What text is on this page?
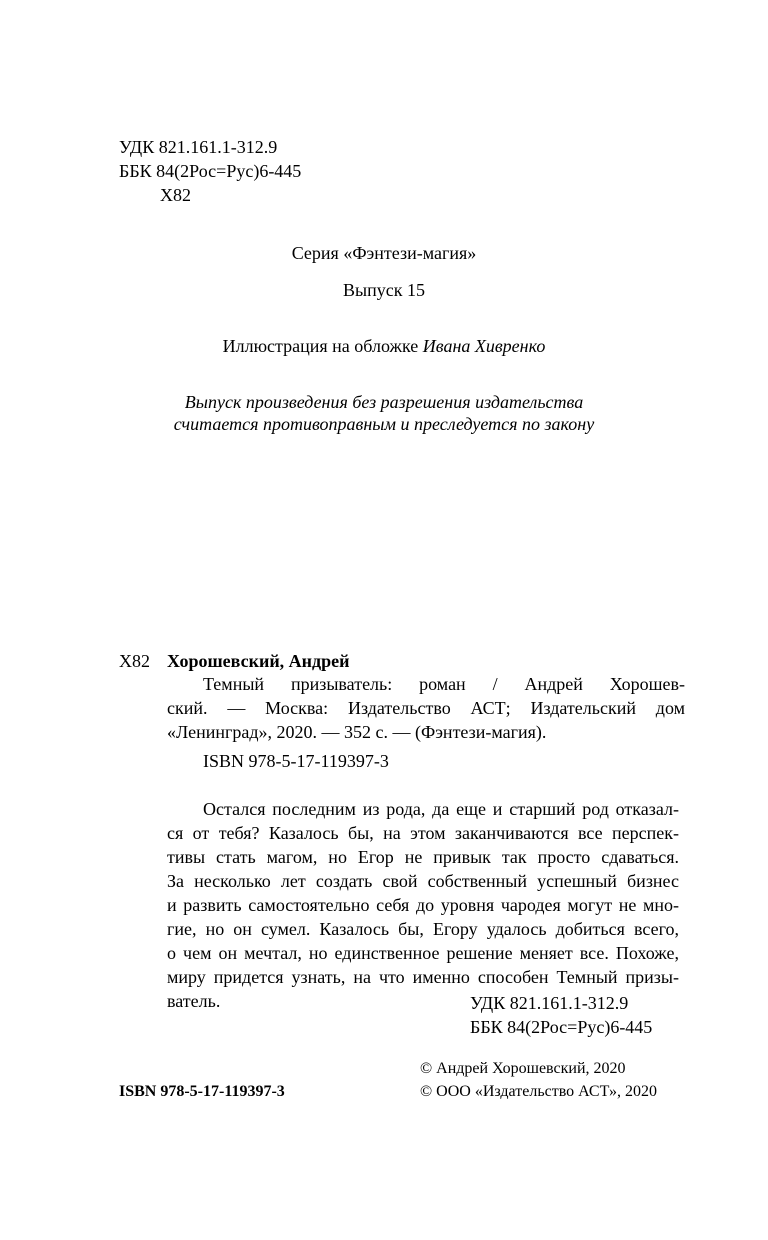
УДК 821.161.1-312.9
ББК 84(2Рос=Рус)6-445
Х82
Серия «Фэнтези-магия»
Выпуск 15
Иллюстрация на обложке Ивана Хивренко
Выпуск произведения без разрешения издательства
считается противоправным и преследуется по закону
Х82 Хорошевский, Андрей
Темный призыватель: роман / Андрей Хорошев-
ский. — Москва: Издательство АСТ; Издательский дом
«Ленинград», 2020. — 352 с. — (Фэнтези-магия).
ISBN 978-5-17-119397-3
Остался последним из рода, да еще и старший род отказал-
ся от тебя? Казалось бы, на этом заканчиваются все перспек-
тивы стать магом, но Егор не привык так просто сдаваться.
За несколько лет создать свой собственный успешный бизнес
и развить самостоятельно себя до уровня чародея могут не мно-
гие, но он сумел. Казалось бы, Егору удалось добиться всего,
о чем он мечтал, но единственное решение меняет все. Похоже,
миру придется узнать, на что именно способен Темный призы-
ватель.	УДК 821.161.1-312.9
ББК 84(2Рос=Рус)6-445
ISBN 978-5-17-119397-3
© Андрей Хорошевский, 2020
© ООО «Издательство АСТ», 2020
